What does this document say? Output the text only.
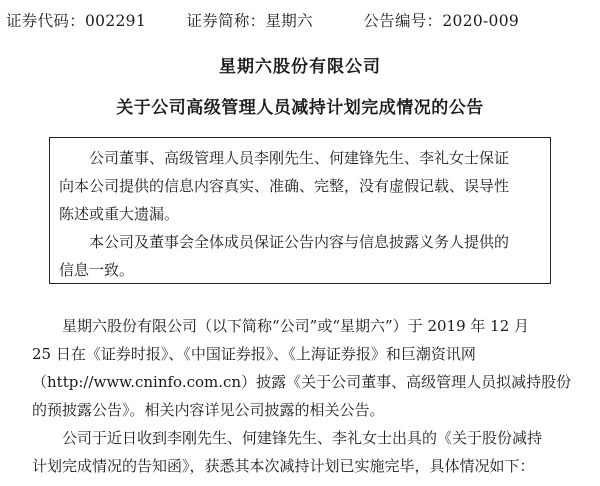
证券代码：002291	证券简称：星期六	公告编号：2020-009
星期六股份有限公司
关于公司高级管理人员减持计划完成情况的公告

公司董事、高级管理人员李刚先生、何建锋先生、李礼女士保证
向本公司提供的信息内容真实、准确、完整，没有虚假记载、误导性
陈述或重大遗漏。

本公司及董事会全体成员保证公告内容与信息披露义务人提供的
信息一致。

星期六股份有限公司（以下简称“公司”或“星期六”）于 2019 年 12 月
25 日在《证券时报》、《中国证券报》、《上海证券报》和巨潮资讯网
（http://www.cninfo.com.cn）披露《关于公司董事、高级管理人员拟减持股份
的预披露公告》。相关内容详见公司披露的相关公告。

公司于近日收到李刚先生、何建锋先生、李礼女士出具的《关于股份减持
计划完成情况的告知函》，获悉其本次减持计划已实施完毕，具体情况如下：
